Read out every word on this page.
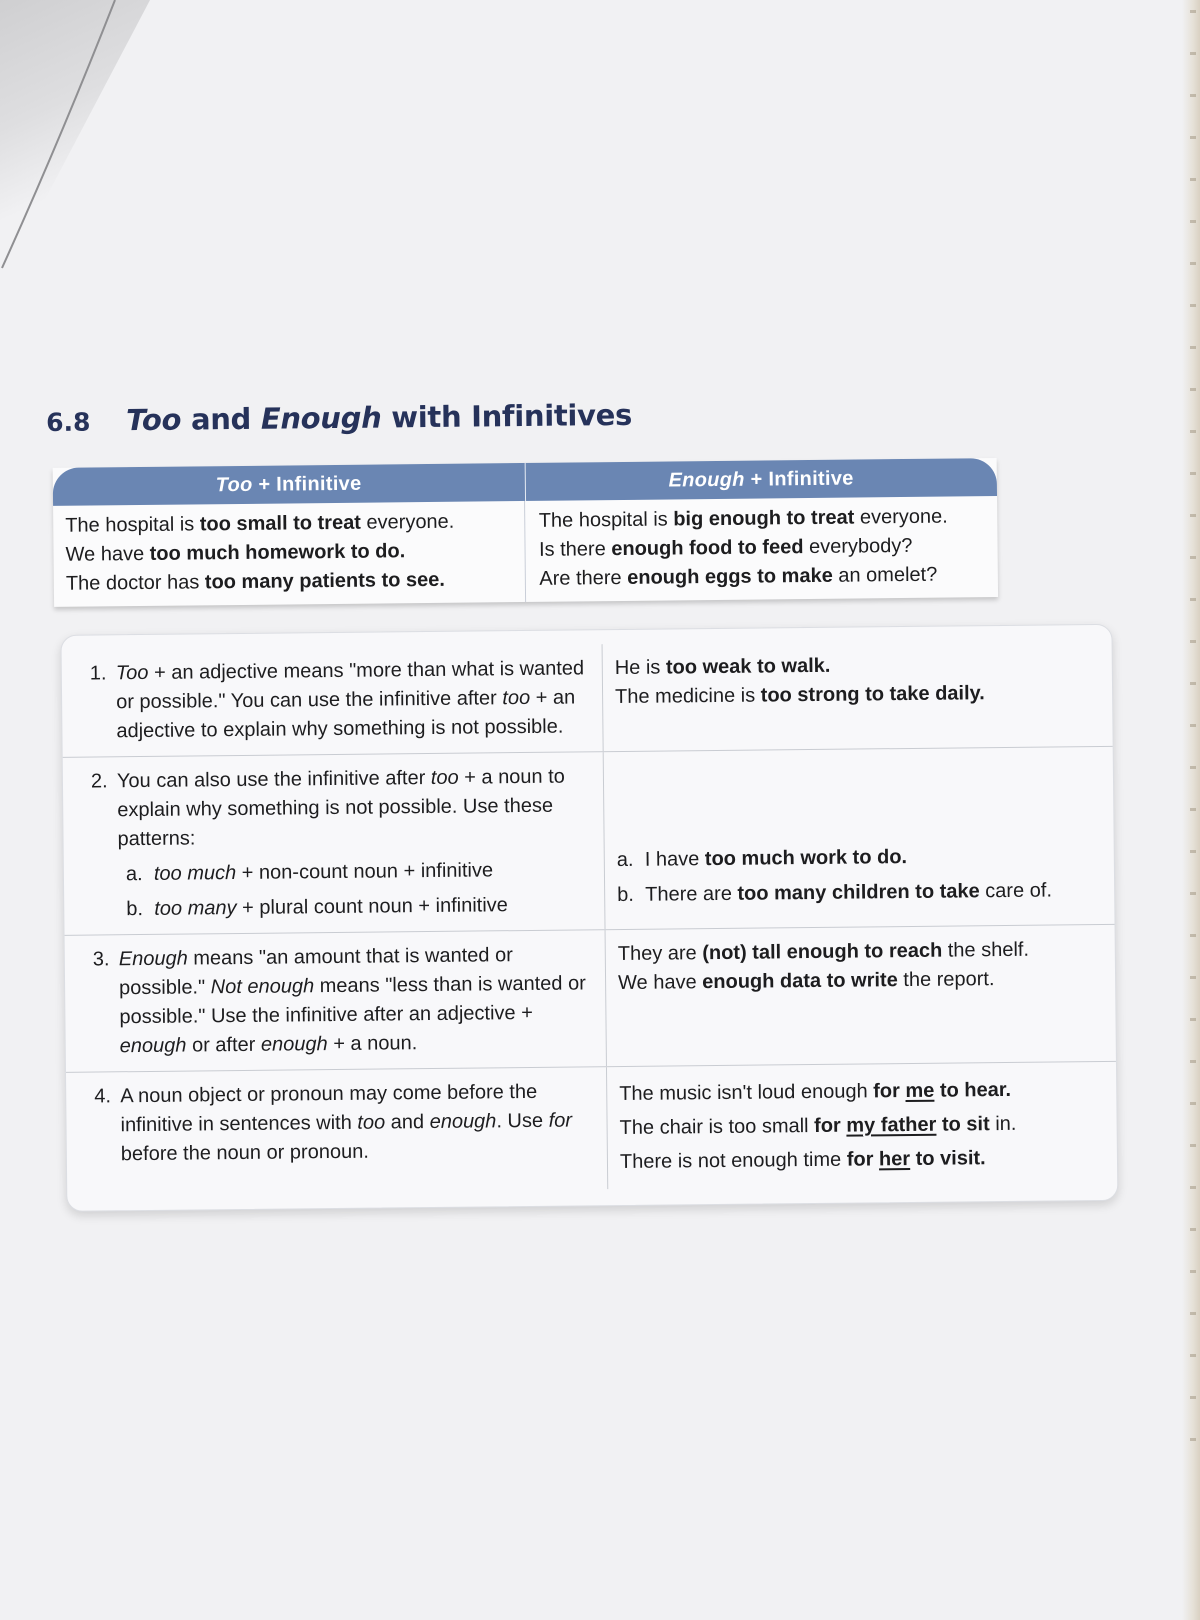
6.8	Too and Enough with Infinitives
Too + Infinitive	Enough + Infinitive
The hospital is too small to treat everyone.
We have too much homework to do.
The doctor has too many patients to see.
The hospital is big enough to treat everyone.
Is there enough food to feed everybody?
Are there enough eggs to make an omelet?
1. Too + an adjective means "more than what is wanted or possible." You can use the infinitive after too + an adjective to explain why something is not possible.
He is too weak to walk.
The medicine is too strong to take daily.
2. You can also use the infinitive after too + a noun to explain why something is not possible. Use these patterns:
a. too much + non-count noun + infinitive
b. too many + plural count noun + infinitive
a. I have too much work to do.
b. There are too many children to take care of.
3. Enough means "an amount that is wanted or possible." Not enough means "less than is wanted or possible." Use the infinitive after an adjective + enough or after enough + a noun.
They are (not) tall enough to reach the shelf.
We have enough data to write the report.
4. A noun object or pronoun may come before the infinitive in sentences with too and enough. Use for before the noun or pronoun.
The music isn't loud enough for me to hear.
The chair is too small for my father to sit in.
There is not enough time for her to visit.
